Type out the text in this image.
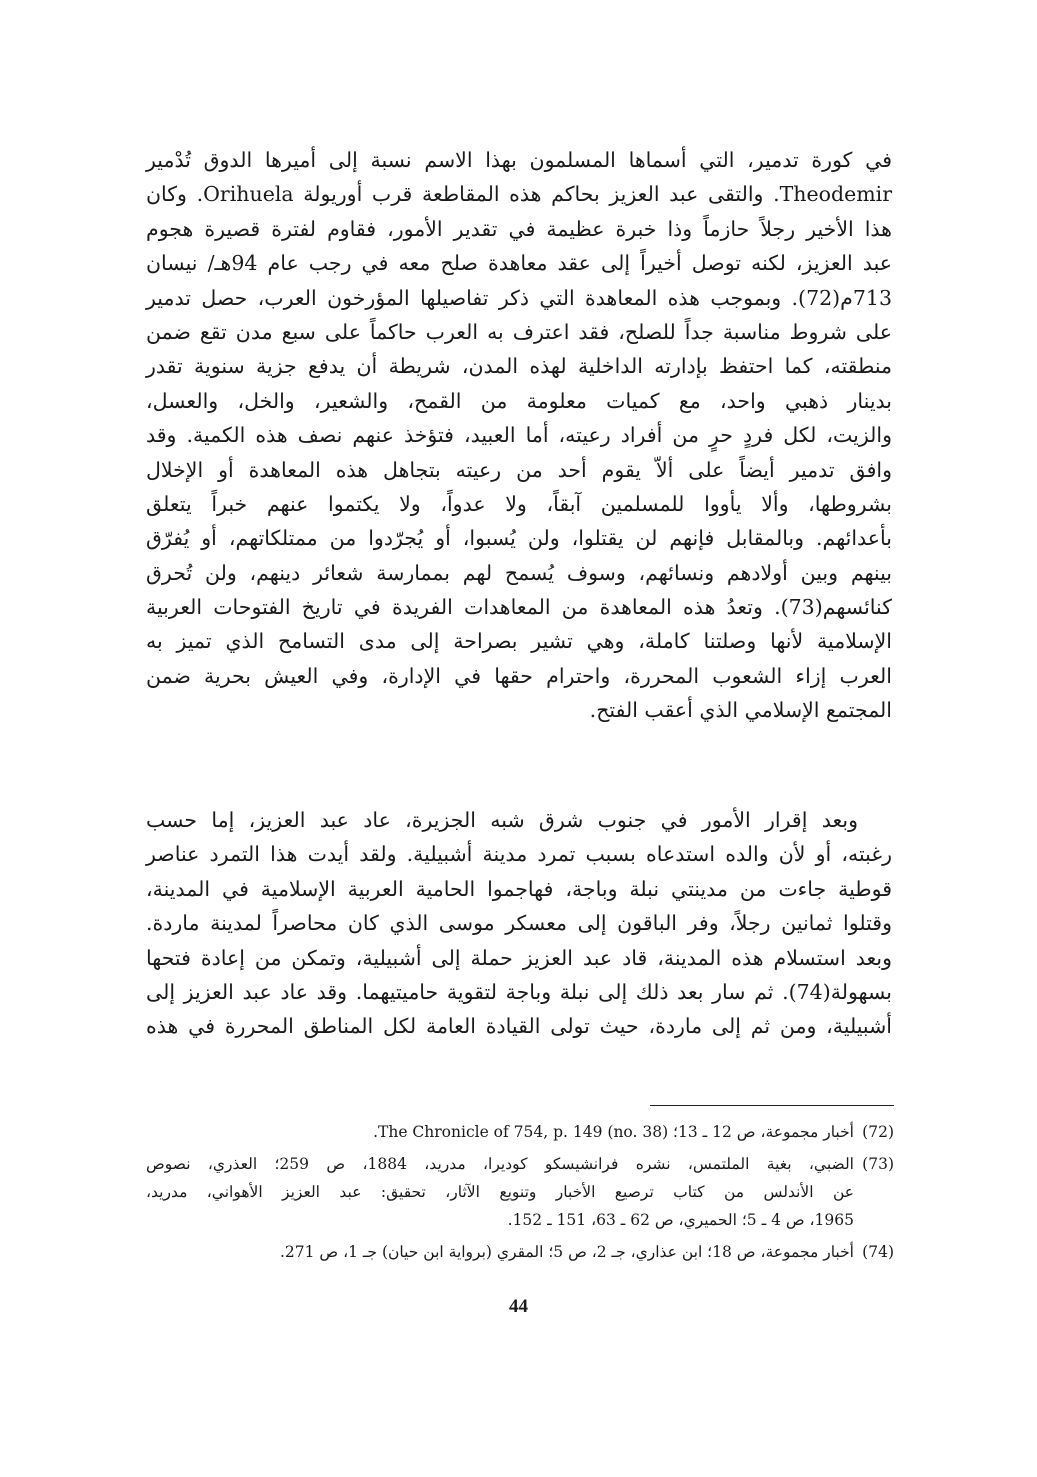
في كورة تدمير، التي أسماها المسلمون بهذا الاسم نسبة إلى أميرها الدوق تُدْمير
Theodemir. والتقى عبد العزيز بحاكم هذه المقاطعة قرب أوريولة Orihuela. وكان
هذا الأخير رجلاً حازماً وذا خبرة عظيمة في تقدير الأمور، فقاوم لفترة قصيرة هجوم
عبد العزيز، لكنه توصل أخيراً إلى عقد معاهدة صلح معه في رجب عام 94هـ/ نيسان
713م(72). وبموجب هذه المعاهدة التي ذكر تفاصيلها المؤرخون العرب، حصل تدمير
على شروط مناسبة جداً للصلح، فقد اعترف به العرب حاكماً على سبع مدن تقع ضمن
منطقته، كما احتفظ بإدارته الداخلية لهذه المدن، شريطة أن يدفع جزية سنوية تقدر
بدينار ذهبي واحد، مع كميات معلومة من القمح، والشعير، والخل، والعسل،
والزيت، لكل فردٍ حرٍ من أفراد رعيته، أما العبيد، فتؤخذ عنهم نصف هذه الكمية. وقد
وافق تدمير أيضاً على ألاّ يقوم أحد من رعيته بتجاهل هذه المعاهدة أو الإخلال
بشروطها، وألا يأووا للمسلمين آبقاً، ولا عدواً، ولا يكتموا عنهم خبراً يتعلق
بأعدائهم. وبالمقابل فإنهم لن يقتلوا، ولن يُسبوا، أو يُجرّدوا من ممتلكاتهم، أو يُفرّق
بينهم وبين أولادهم ونسائهم، وسوف يُسمح لهم بممارسة شعائر دينهم، ولن تُحرق
كنائسهم(73). وتعدُ هذه المعاهدة من المعاهدات الفريدة في تاريخ الفتوحات العربية
الإسلامية لأنها وصلتنا كاملة، وهي تشير بصراحة إلى مدى التسامح الذي تميز به
العرب إزاء الشعوب المحررة، واحترام حقها في الإدارة، وفي العيش بحرية ضمن
المجتمع الإسلامي الذي أعقب الفتح.
وبعد إقرار الأمور في جنوب شرق شبه الجزيرة، عاد عبد العزيز، إما حسب
رغبته، أو لأن والده استدعاه بسبب تمرد مدينة أشبيلية. ولقد أيدت هذا التمرد عناصر
قوطية جاءت من مدينتي نبلة وباجة، فهاجموا الحامية العربية الإسلامية في المدينة،
وقتلوا ثمانين رجلاً، وفر الباقون إلى معسكر موسى الذي كان محاصراً لمدينة ماردة.
وبعد استسلام هذه المدينة، قاد عبد العزيز حملة إلى أشبيلية، وتمكن من إعادة فتحها
بسهولة(74). ثم سار بعد ذلك إلى نبلة وباجة لتقوية حاميتيهما. وقد عاد عبد العزيز إلى
أشبيلية، ومن ثم إلى ماردة، حيث تولى القيادة العامة لكل المناطق المحررة في هذه
(72)
أخبار مجموعة، ص 12 ـ 13؛ The Chronicle of 754, p. 149 (no. 38).
(73)
الضبي، بغية الملتمس، نشره فرانشيسكو كوديرا، مدريد، 1884، ص 259؛ العذري، نصوص
عن الأندلس من كتاب ترصيع الأخبار وتنويع الآثار، تحقيق: عبد العزيز الأهواني، مدريد،
1965، ص 4 ـ 5؛ الحميري، ص 62 ـ 63، 151 ـ 152.
(74)
أخبار مجموعة، ص 18؛ ابن عذاري، جـ 2، ص 5؛ المقري (برواية ابن حيان) جـ 1، ص 271.
44
